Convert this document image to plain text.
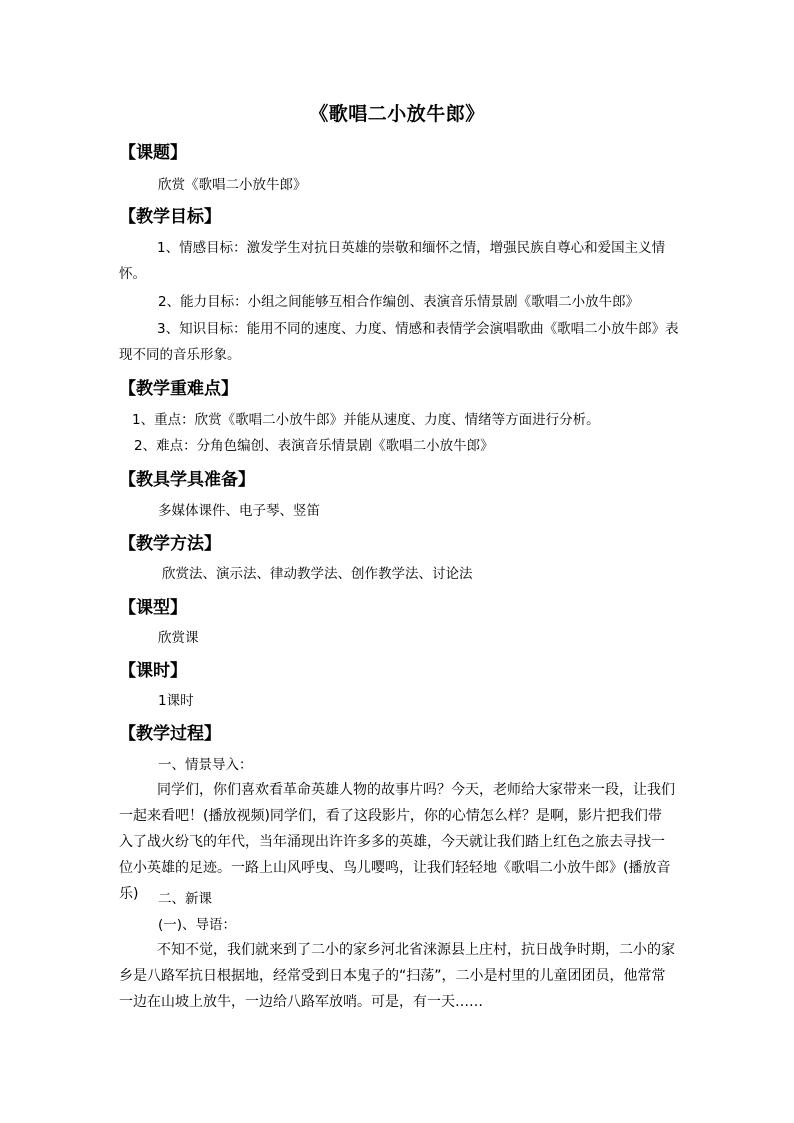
《歌唱二小放牛郎》
【课题】
欣赏《歌唱二小放牛郎》
【教学目标】
1、情感目标：激发学生对抗日英雄的崇敬和缅怀之情，增强民族自尊心和爱国主义情怀。
2、能力目标：小组之间能够互相合作编创、表演音乐情景剧《歌唱二小放牛郎》
3、知识目标：能用不同的速度、力度、情感和表情学会演唱歌曲《歌唱二小放牛郎》表现不同的音乐形象。
【教学重难点】
1、重点：欣赏《歌唱二小放牛郎》并能从速度、力度、情绪等方面进行分析。
2、难点：分角色编创、表演音乐情景剧《歌唱二小放牛郎》
【教具学具准备】
多媒体课件、电子琴、竖笛
【教学方法】
欣赏法、演示法、律动教学法、创作教学法、讨论法
【课型】
欣赏课
【课时】
1课时
【教学过程】
一、情景导入：
同学们，你们喜欢看革命英雄人物的故事片吗？今天，老师给大家带来一段，让我们一起来看吧！(播放视频)同学们，看了这段影片，你的心情怎么样？是啊，影片把我们带入了战火纷飞的年代，当年涌现出许许多多的英雄，今天就让我们踏上红色之旅去寻找一位小英雄的足迹。一路上山风呼曳、鸟儿嘤鸣，让我们轻轻地《歌唱二小放牛郎》(播放音乐)	二、新课
(一)、导语：
不知不觉，我们就来到了二小的家乡河北省涞源县上庄村，抗日战争时期，二小的家乡是八路军抗日根据地，经常受到日本鬼子的“扫荡”，二小是村里的儿童团团员，他常常一边在山坡上放牛，一边给八路军放哨。可是，有一天……
